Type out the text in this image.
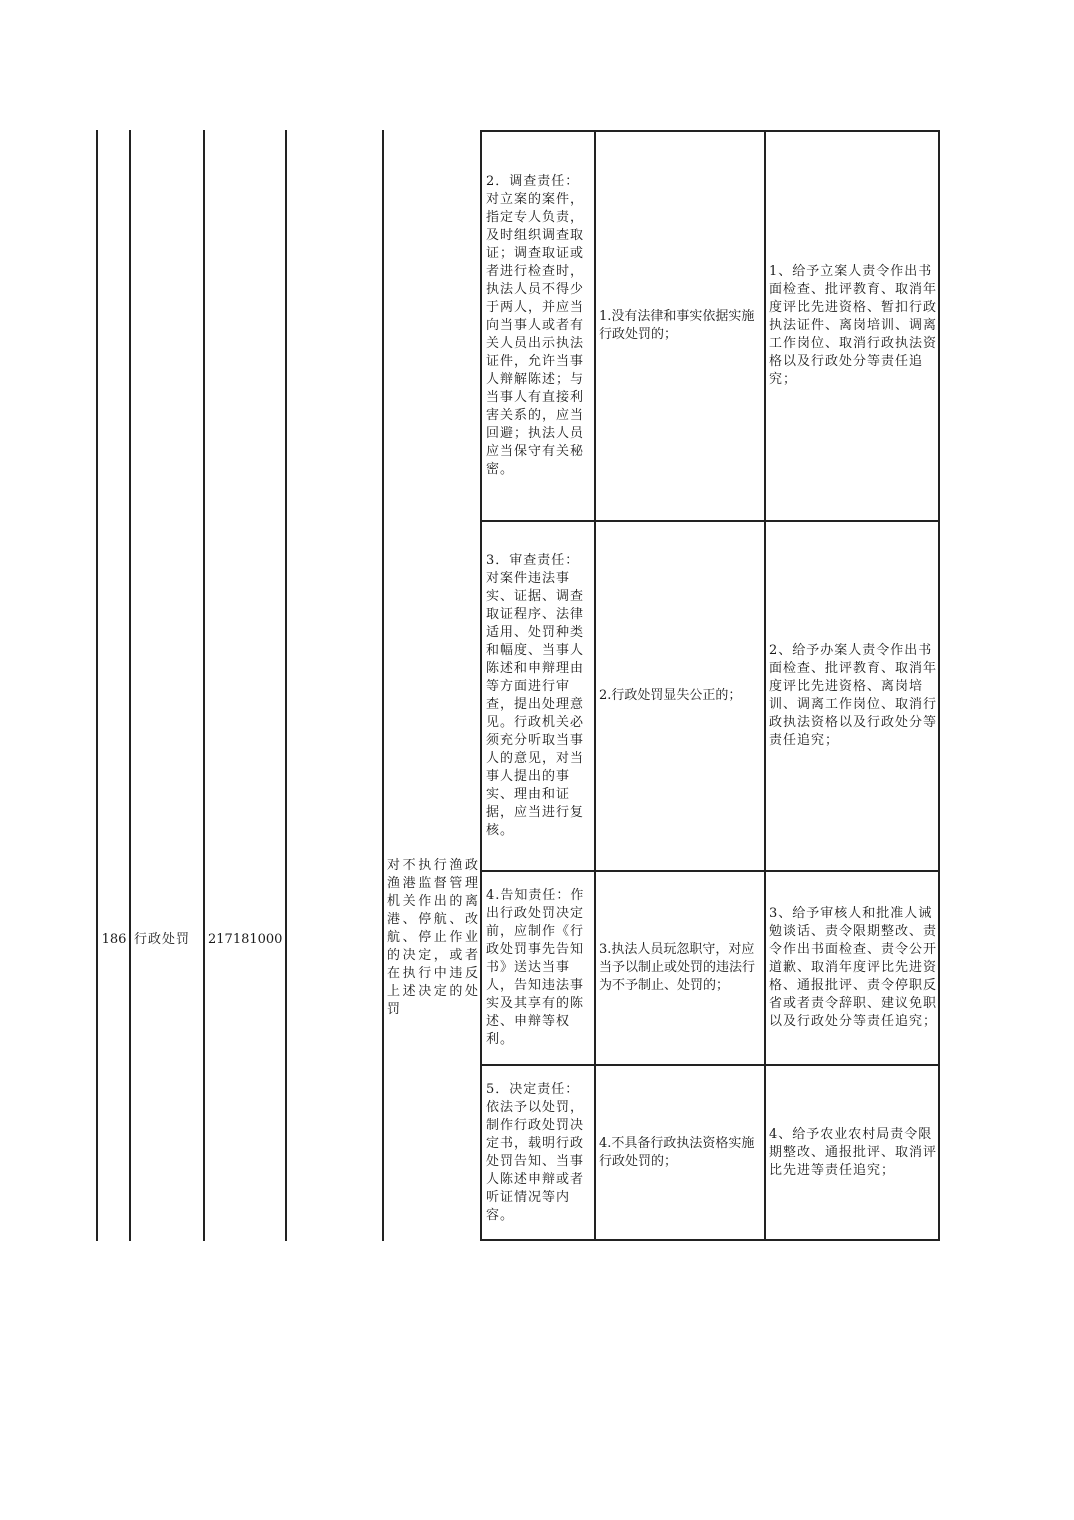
186 行政处罚	217181000
对不执行渔政渔港监督管理机关作出的离港、停航、改航、停止作业的决定，或者在执行中违反上述决定的处罚
2．调查责任：对立案的案件，指定专人负责，及时组织调查取证；调查取证或者进行检查时，执法人员不得少于两人，并应当向当事人或者有关人员出示执法证件，允许当事人辩解陈述；与当事人有直接利害关系的，应当回避；执法人员应当保守有关秘密。
1.没有法律和事实依据实施行政处罚的；
1、给予立案人责令作出书面检查、批评教育、取消年度评比先进资格、暂扣行政执法证件、离岗培训、调离工作岗位、取消行政执法资格以及行政处分等责任追究；
3．审查责任：对案件违法事实、证据、调查取证程序、法律适用、处罚种类和幅度、当事人陈述和申辩理由等方面进行审查，提出处理意见。行政机关必须充分听取当事人的意见，对当事人提出的事实、理由和证据，应当进行复核。
2.行政处罚显失公正的；
2、给予办案人责令作出书面检查、批评教育、取消年度评比先进资格、离岗培训、调离工作岗位、取消行政执法资格以及行政处分等责任追究；
4.告知责任：作出行政处罚决定前，应制作《行政处罚事先告知书》送达当事人，告知违法事实及其享有的陈述、申辩等权利。
3.执法人员玩忽职守，对应当予以制止或处罚的违法行为不予制止、处罚的；
3、给予审核人和批准人诫勉谈话、责令限期整改、责令作出书面检查、责令公开道歉、取消年度评比先进资格、通报批评、责令停职反省或者责令辞职、建议免职以及行政处分等责任追究；
5．决定责任：依法予以处罚，制作行政处罚决定书，载明行政处罚告知、当事人陈述申辩或者听证情况等内容。
4.不具备行政执法资格实施行政处罚的；
4、给予农业农村局责令限期整改、通报批评、取消评比先进等责任追究；
